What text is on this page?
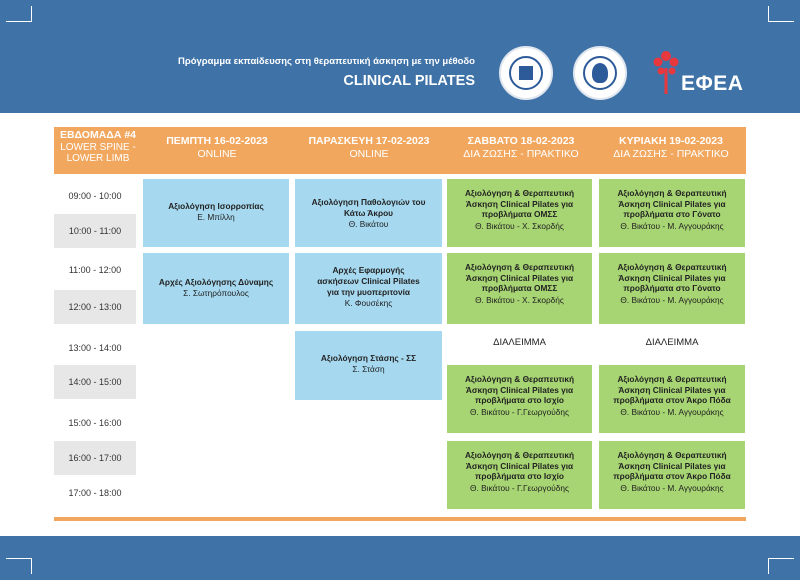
Πρόγραμμα εκπαίδευσης στη θεραπευτική άσκηση με την μέθοδο
CLINICAL PILATES	ΕΦΕΑ
ΕΒΔΟΜΑΔΑ #4
LOWER SPINE -
LOWER LIMB
ΠΕΜΠΤΗ 16-02-2023
ONLINE
ΠΑΡΑΣΚΕΥΗ 17-02-2023
ONLINE
ΣΑΒΒΑΤΟ 18-02-2023
ΔΙΑ ΖΩΣΗΣ - ΠΡΑΚΤΙΚΟ
ΚΥΡΙΑΚΗ 19-02-2023
ΔΙΑ ΖΩΣΗΣ - ΠΡΑΚΤΙΚΟ
09:00 - 10:00
10:00 - 11:00
11:00 - 12:00
12:00 - 13:00
13:00 - 14:00
14:00 - 15:00
15:00 - 16:00
16:00 - 17:00
17:00 - 18:00
Αξιολόγηση Ισορροπίας
Ε. Μπίλλη
Αρχές Αξιολόγησης Δύναμης
Σ. Σωτηρόπουλος
Αξιολόγηση Παθολογιών του
Κάτω Άκρου
Θ. Βικάτου
Αρχές Εφαρμογής
ασκήσεων Clinical Pilates
για την μυοπεριτονία
Κ. Φουσέκης
Αξιολόγηση Στάσης - ΣΣ
Σ. Στάση
Αξιολόγηση & Θεραπευτική
Άσκηση Clinical Pilates για
προβλήματα ΟΜΣΣ
Θ. Βικάτου - Χ. Σκορδής
Αξιολόγηση & Θεραπευτική
Άσκηση Clinical Pilates για
προβλήματα ΟΜΣΣ
Θ. Βικάτου - Χ. Σκορδής
ΔΙΑΛΕΙΜΜΑ
Αξιολόγηση & Θεραπευτική
Άσκηση Clinical Pilates για
προβλήματα στο Ισχίο
Θ. Βικάτου - Γ.Γεωργούδης
Αξιολόγηση & Θεραπευτική
Άσκηση Clinical Pilates για
προβλήματα στο Ισχίο
Θ. Βικάτου - Γ.Γεωργούδης
Αξιολόγηση & Θεραπευτική
Άσκηση Clinical Pilates για
προβλήματα στο Γόνατο
Θ. Βικάτου - Μ. Αγγουράκης
Αξιολόγηση & Θεραπευτική
Άσκηση Clinical Pilates για
προβλήματα στο Γόνατο
Θ. Βικάτου - Μ. Αγγουράκης
ΔΙΑΛΕΙΜΜΑ
Αξιολόγηση & Θεραπευτική
Άσκηση Clinical Pilates για
προβλήματα στον Άκρο Πόδα
Θ. Βικάτου - Μ. Αγγουράκης
Αξιολόγηση & Θεραπευτική
Άσκηση Clinical Pilates για
προβλήματα στον Άκρο Πόδα
Θ. Βικάτου - Μ. Αγγουράκης
